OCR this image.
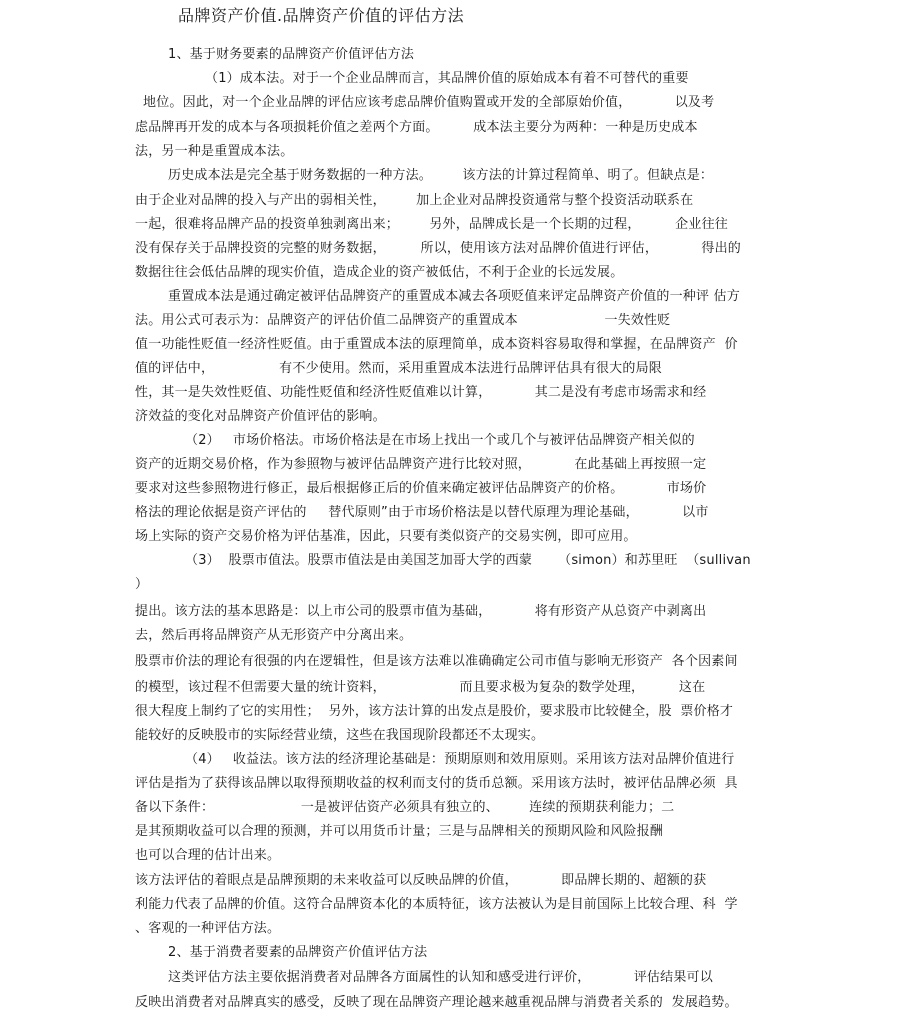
品牌资产价值.品牌资产价值的评估方法
1、基于财务要素的品牌资产价值评估方法
（1）成本法。对于一个企业品牌而言，其品牌价值的原始成本有着不可替代的重要
地位。因此，对一个企业品牌的评估应该考虑品牌价值购置或开发的全部原始价值，          以及考
虑品牌再开发的成本与各项损耗价值之差两个方面。        成本法主要分为两种：一种是历史成本
法，另一种是重置成本法。
历史成本法是完全基于财务数据的一种方法。       该方法的计算过程简单、明了。但缺点是：
由于企业对品牌的投入与产出的弱相关性，       加上企业对品牌投资通常与整个投资活动联系在
一起，很难将品牌产品的投资单独剥离出来；       另外，品牌成长是一个长期的过程，        企业往往
没有保存关于品牌投资的完整的财务数据，        所以，使用该方法对品牌价值进行评估，          得出的
数据往往会低估品牌的现实价值，造成企业的资产被低估，不利于企业的长远发展。
重置成本法是通过确定被评估品牌资产的重置成本减去各项贬值来评定品牌资产价值的一种评 估方
法。用公式可表示为：品牌资产的评估价值二品牌资产的重置成本                    一失效性贬
值一功能性贬值一经济性贬值。由于重置成本法的原理简单，成本资料容易取得和掌握，在品牌资产  价
值的评估中，               有不少使用。然而，采用重置成本法进行品牌评估具有很大的局限
性，其一是失效性贬值、功能性贬值和经济性贬值难以计算，          其二是没有考虑市场需求和经
济效益的变化对品牌资产价值评估的影响。
（2）   市场价格法。市场价格法是在市场上找出一个或几个与被评估品牌资产相关似的
资产的近期交易价格，作为参照物与被评估品牌资产进行比较对照，          在此基础上再按照一定
要求对这些参照物进行修正，最后根据修正后的价值来确定被评估品牌资产的价格。          市场价
格法的理论依据是资产评估的     替代原则”由于市场价格法是以替代原理为理论基础，          以市
场上实际的资产交易价格为评估基准，因此，只要有类似资产的交易实例，即可应用。
（3）  股票市值法。股票市值法是由美国芝加哥大学的西蒙      （simon）和苏里旺  （sullivan
）
提出。该方法的基本思路是：以上市公司的股票市值为基础，          将有形资产从总资产中剥离出
去，然后再将品牌资产从无形资产中分离出来。
股票市价法的理论有很强的内在逻辑性，但是该方法难以准确确定公司市值与影响无形资产  各个因素间
的模型，该过程不但需要大量的统计资料，                 而且要求极为复杂的数学处理，        这在
很大程度上制约了它的实用性；  另外，该方法计算的出发点是股价，要求股市比较健全，股  票价格才
能较好的反映股市的实际经营业绩，这些在我国现阶段都还不太现实。
（4）   收益法。该方法的经济理论基础是：预期原则和效用原则。采用该方法对品牌价值进行
评估是指为了获得该品牌以取得预期收益的权利而支付的货币总额。采用该方法时，被评估品牌必须  具
备以下条件：                    一是被评估资产必须具有独立的、       连续的预期获利能力；二
是其预期收益可以合理的预测，并可以用货币计量；三是与品牌相关的预期风险和风险报酬
也可以合理的估计出来。
该方法评估的着眼点是品牌预期的未来收益可以反映品牌的价值，          即品牌长期的、超额的获
利能力代表了品牌的价值。这符合品牌资本化的本质特征，该方法被认为是目前国际上比较合理、科  学
、客观的一种评估方法。
2、基于消费者要素的品牌资产价值评估方法
这类评估方法主要依据消费者对品牌各方面属性的认知和感受进行评价，          评估结果可以
反映出消费者对品牌真实的感受，反映了现在品牌资产理论越来越重视品牌与消费者关系的  发展趋势。
